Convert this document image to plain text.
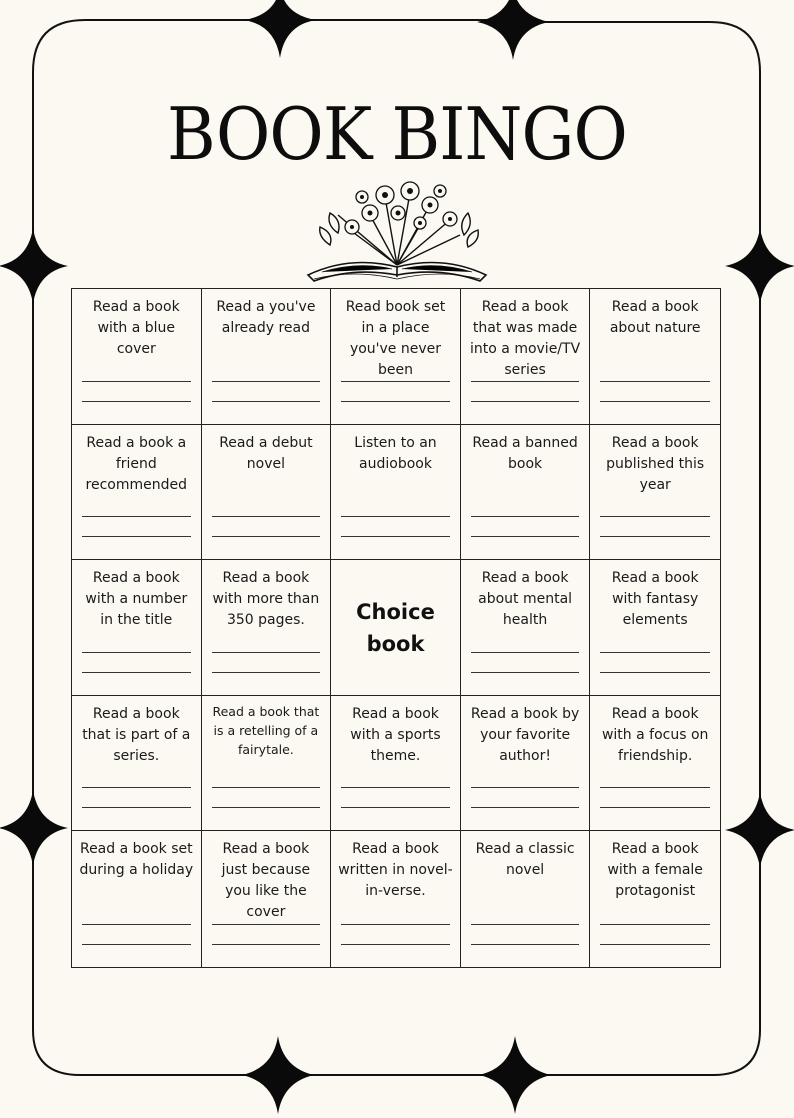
BOOK BINGO
Read a book with a blue cover
Read a you've already read
Read book set in a place you've never been
Read a book that was made into a movie/TV series
Read a book about nature
Read a book a friend recommended
Read a debut novel
Listen to an audiobook
Read a banned book
Read a book published this year
Read a book with a number in the title
Read a book with more than 350 pages.	Choice
book
Read a book about mental health
Read a book with fantasy elements
Read a book that is part of a series.
Read a book that is a retelling of a fairytale.
Read a book with a sports theme.
Read a book by your favorite author!
Read a book with a focus on friendship.
Read a book set during a holiday
Read a book just because you like the cover
Read a book written in novel-in-verse.
Read a classic novel
Read a book with a female protagonist
